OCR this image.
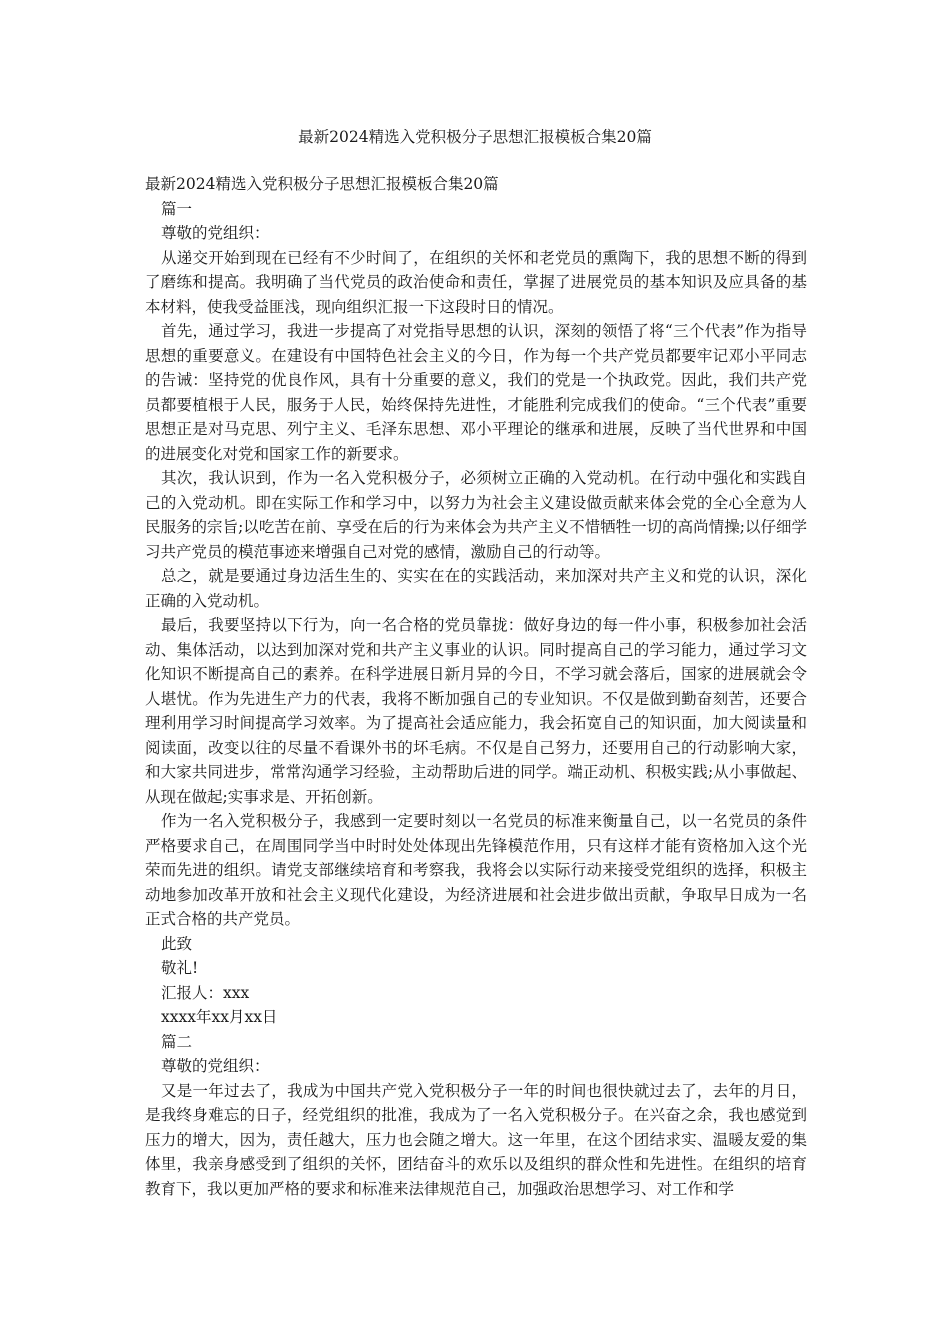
最新2024精选入党积极分子思想汇报模板合集20篇
最新2024精选入党积极分子思想汇报模板合集20篇
篇一
尊敬的党组织：
从递交开始到现在已经有不少时间了，在组织的关怀和老党员的熏陶下，我的思想不断的得到了磨练和提高。我明确了当代党员的政治使命和责任，掌握了进展党员的基本知识及应具备的基本材料，使我受益匪浅，现向组织汇报一下这段时日的情况。
首先，通过学习，我进一步提高了对党指导思想的认识，深刻的领悟了将“三个代表”作为指导思想的重要意义。在建设有中国特色社会主义的今日，作为每一个共产党员都要牢记邓小平同志的告诫：坚持党的优良作风，具有十分重要的意义，我们的党是一个执政党。因此，我们共产党员都要植根于人民，服务于人民，始终保持先进性，才能胜利完成我们的使命。“三个代表”重要思想正是对马克思、列宁主义、毛泽东思想、邓小平理论的继承和进展，反映了当代世界和中国的进展变化对党和国家工作的新要求。
其次，我认识到，作为一名入党积极分子，必须树立正确的入党动机。在行动中强化和实践自己的入党动机。即在实际工作和学习中，以努力为社会主义建设做贡献来体会党的全心全意为人民服务的宗旨;以吃苦在前、享受在后的行为来体会为共产主义不惜牺牲一切的高尚情操;以仔细学习共产党员的模范事迹来增强自己对党的感情，激励自己的行动等。
总之，就是要通过身边活生生的、实实在在的实践活动，来加深对共产主义和党的认识，深化正确的入党动机。
最后，我要坚持以下行为，向一名合格的党员靠拢：做好身边的每一件小事，积极参加社会活动、集体活动，以达到加深对党和共产主义事业的认识。同时提高自己的学习能力，通过学习文化知识不断提高自己的素养。在科学进展日新月异的今日，不学习就会落后，国家的进展就会令人堪忧。作为先进生产力的代表，我将不断加强自己的专业知识。不仅是做到勤奋刻苦，还要合理利用学习时间提高学习效率。为了提高社会适应能力，我会拓宽自己的知识面，加大阅读量和阅读面，改变以往的尽量不看课外书的坏毛病。不仅是自己努力，还要用自己的行动影响大家，和大家共同进步，常常沟通学习经验，主动帮助后进的同学。端正动机、积极实践;从小事做起、从现在做起;实事求是、开拓创新。
作为一名入党积极分子，我感到一定要时刻以一名党员的标准来衡量自己，以一名党员的条件严格要求自己，在周围同学当中时时处处体现出先锋模范作用，只有这样才能有资格加入这个光荣而先进的组织。请党支部继续培育和考察我，我将会以实际行动来接受党组织的选择，积极主动地参加改革开放和社会主义现代化建设，为经济进展和社会进步做出贡献，争取早日成为一名正式合格的共产党员。
此致
敬礼!
汇报人：xxx
xxxx年xx月xx日
篇二
尊敬的党组织：
又是一年过去了，我成为中国共产党入党积极分子一年的时间也很快就过去了，去年的月日，是我终身难忘的日子，经党组织的批准，我成为了一名入党积极分子。在兴奋之余，我也感觉到压力的增大，因为，责任越大，压力也会随之增大。这一年里，在这个团结求实、温暖友爱的集体里，我亲身感受到了组织的关怀，团结奋斗的欢乐以及组织的群众性和先进性。在组织的培育教育下，我以更加严格的要求和标准来法律规范自己，加强政治思想学习、对工作和学
